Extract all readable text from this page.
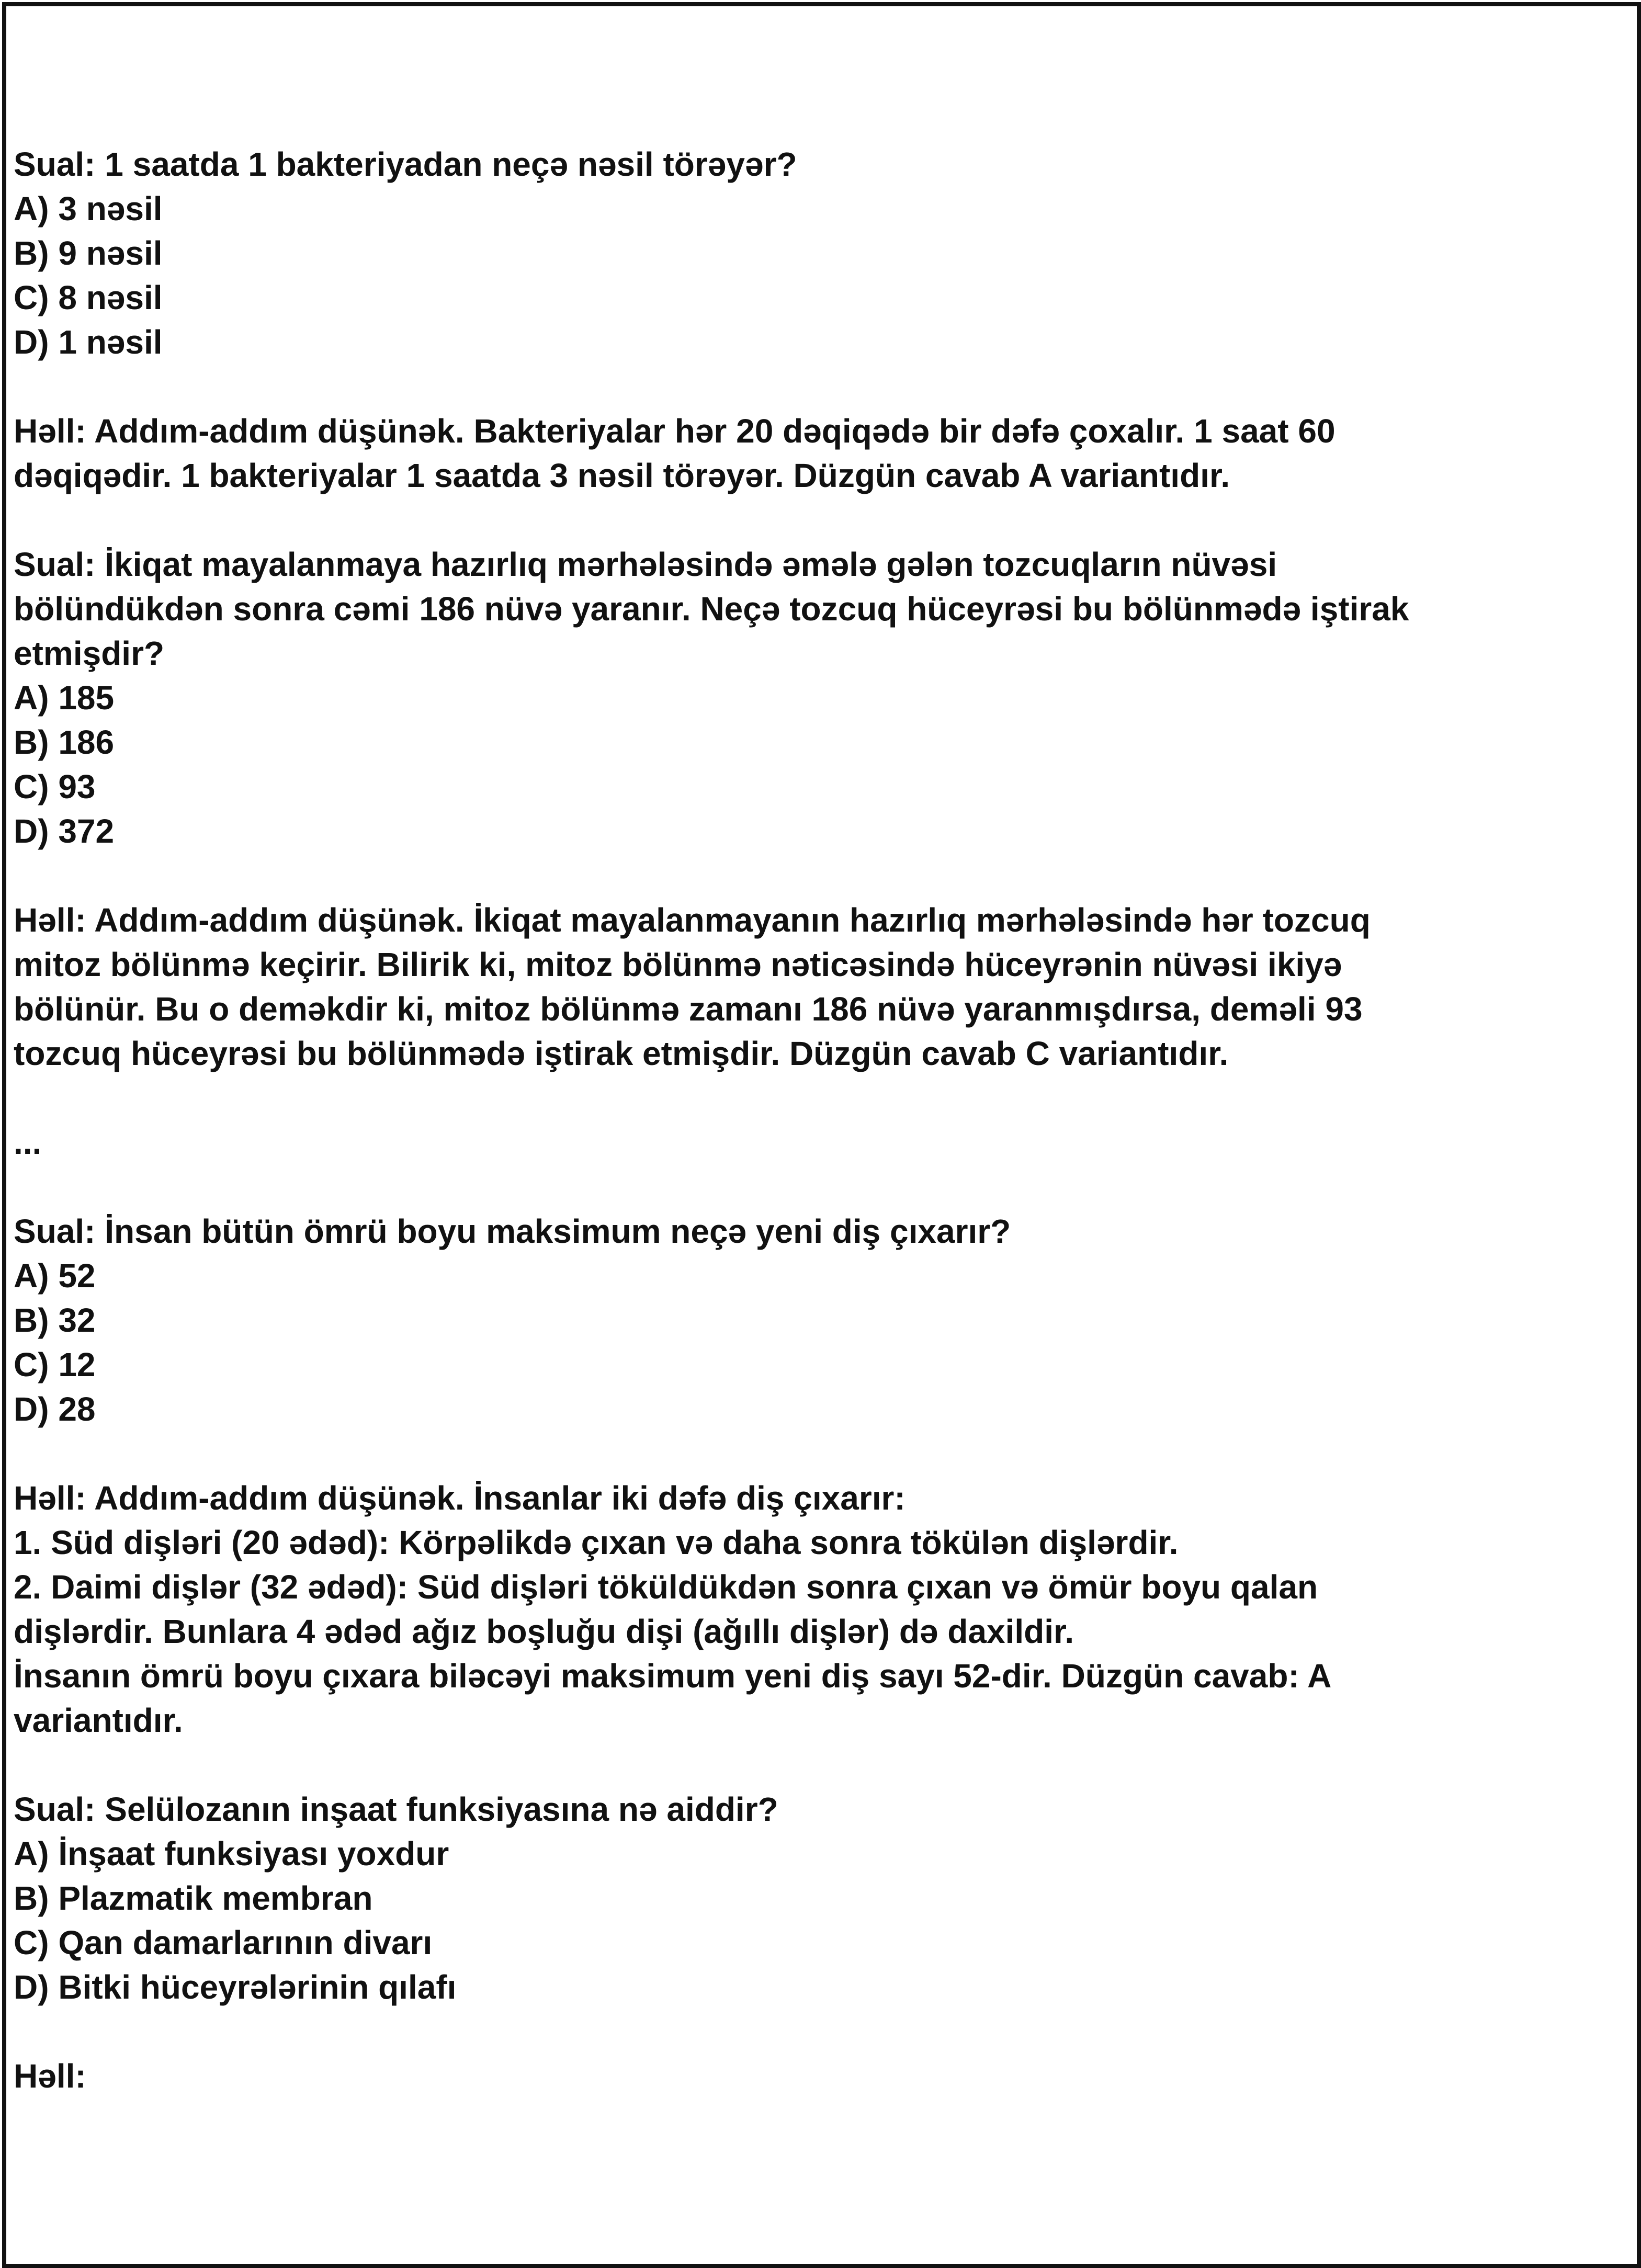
Sual: 1 saatda 1 bakteriyadan neçə nəsil törəyər?
A) 3 nəsil
B) 9 nəsil
C) 8 nəsil
D) 1 nəsil
Həll: Addım-addım düşünək. Bakteriyalar hər 20 dəqiqədə bir dəfə çoxalır. 1 saat 60
dəqiqədir. 1 bakteriyalar 1 saatda 3 nəsil törəyər. Düzgün cavab A variantıdır.
Sual: İkiqat mayalanmaya hazırlıq mərhələsində əmələ gələn tozcuqların nüvəsi
bölündükdən sonra cəmi 186 nüvə yaranır. Neçə tozcuq hüceyrəsi bu bölünmədə iştirak
etmişdir?
A) 185
B) 186
C) 93
D) 372
Həll: Addım-addım düşünək. İkiqat mayalanmayanın hazırlıq mərhələsində hər tozcuq
mitoz bölünmə keçirir. Bilirik ki, mitoz bölünmə nəticəsində hüceyrənin nüvəsi ikiyə
bölünür. Bu o deməkdir ki, mitoz bölünmə zamanı 186 nüvə yaranmışdırsa, deməli 93
tozcuq hüceyrəsi bu bölünmədə iştirak etmişdir. Düzgün cavab C variantıdır.
...
Sual: İnsan bütün ömrü boyu maksimum neçə yeni diş çıxarır?
A) 52
B) 32
C) 12
D) 28
Həll: Addım-addım düşünək. İnsanlar iki dəfə diş çıxarır:
1. Süd dişləri (20 ədəd): Körpəlikdə çıxan və daha sonra tökülən dişlərdir.
2. Daimi dişlər (32 ədəd): Süd dişləri töküldükdən sonra çıxan və ömür boyu qalan
dişlərdir. Bunlara 4 ədəd ağız boşluğu dişi (ağıllı dişlər) də daxildir.
İnsanın ömrü boyu çıxara biləcəyi maksimum yeni diş sayı 52-dir. Düzgün cavab: A
variantıdır.
Sual: Selülozanın inşaat funksiyasına nə aiddir?
A) İnşaat funksiyası yoxdur
B) Plazmatik membran
C) Qan damarlarının divarı
D) Bitki hüceyrələrinin qılafı
Həll:
